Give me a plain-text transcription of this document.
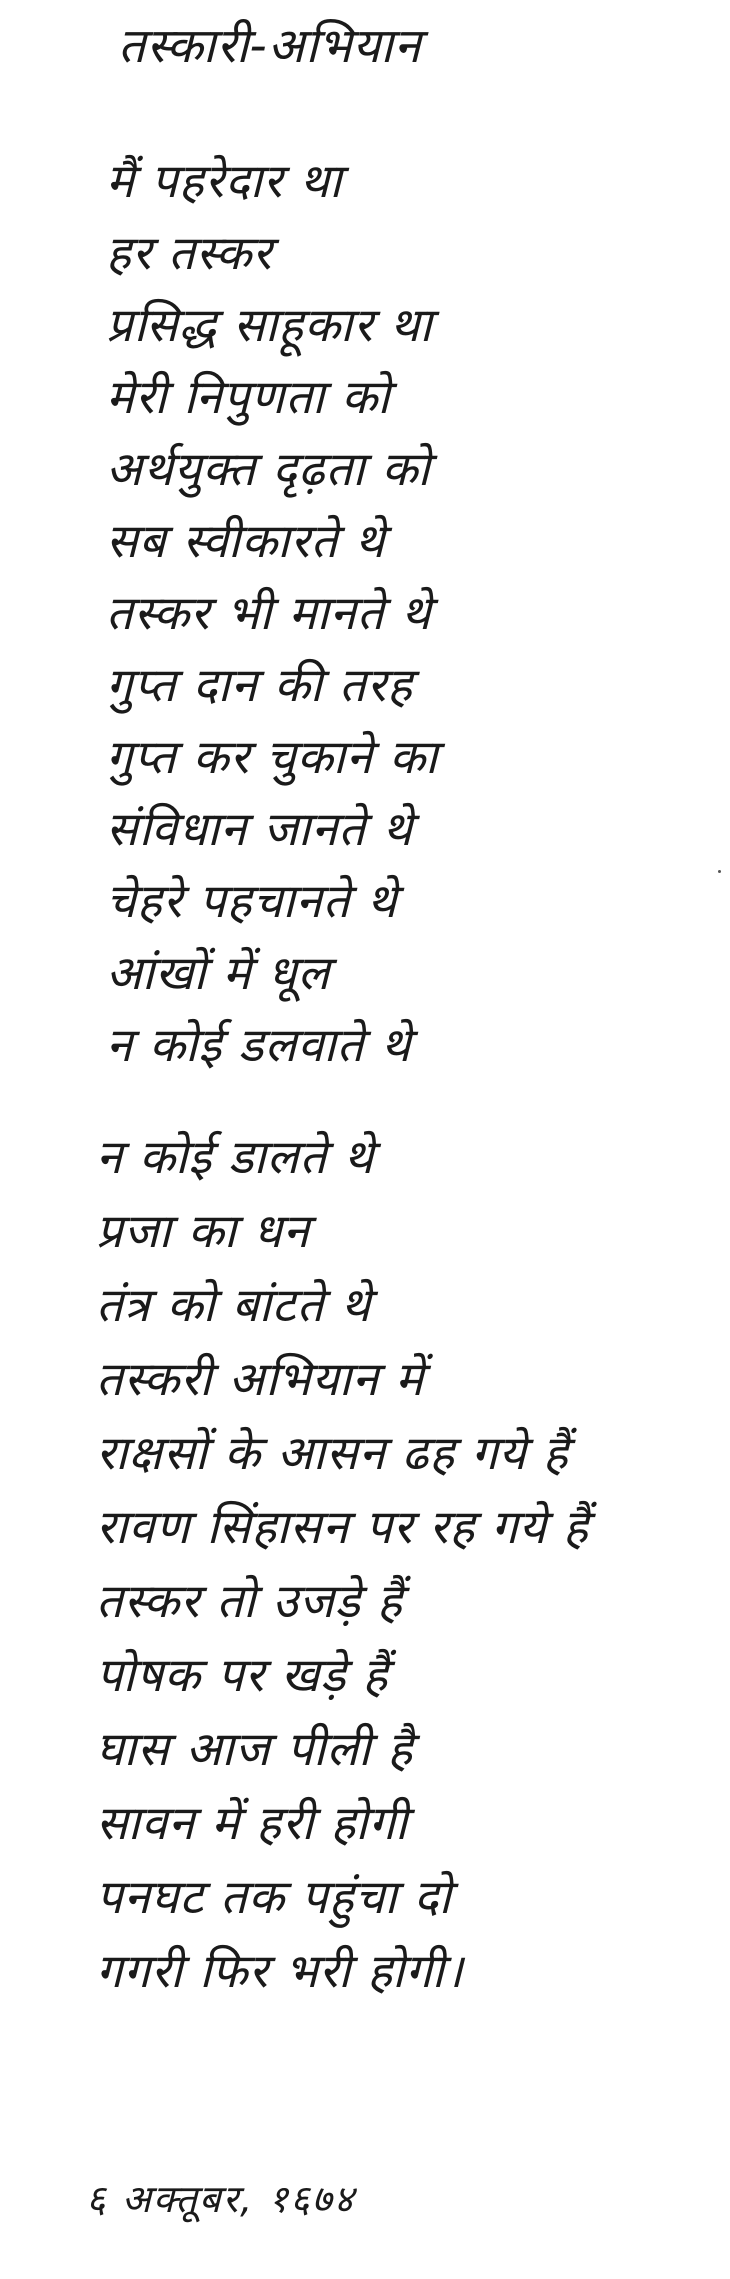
तस्कारी-अभियान
मैं पहरेदार था
हर तस्कर
प्रसिद्ध साहूकार था
मेरी निपुणता को
अर्थयुक्त दृढ़ता को
सब स्वीकारते थे
तस्कर भी मानते थे
गुप्त दान की तरह
गुप्त कर चुकाने का
संविधान जानते थे
चेहरे पहचानते थे
आंखों में धूल
न कोई डलवाते थे
न कोई डालते थे
प्रजा का धन
तंत्र को बांटते थे
तस्करी अभियान में
राक्षसों के आसन ढह गये हैं
रावण सिंहासन पर रह गये हैं
तस्कर तो उजड़े हैं
पोषक पर खड़े हैं
घास आज पीली है
सावन में हरी होगी
पनघट तक पहुंचा दो
गगरी फिर भरी होगी।
६ अक्तूबर, १६७४
